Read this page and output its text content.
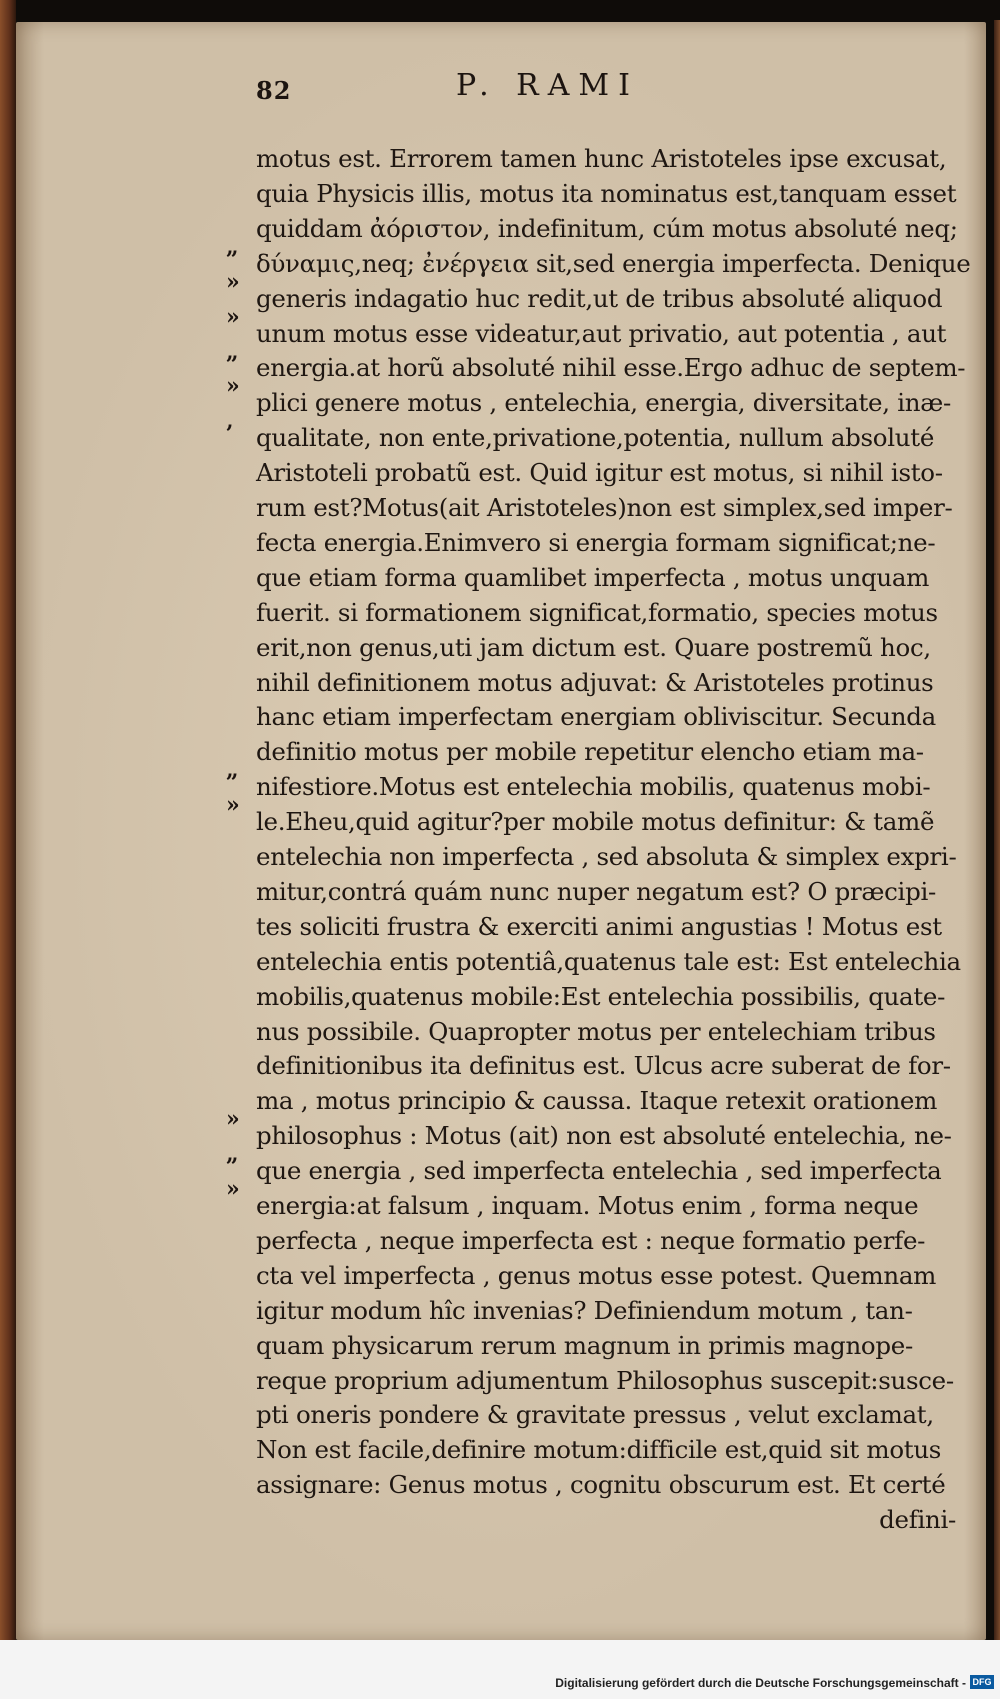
82	P. RAMI
„
»
»
„
»
‚
„
»
»
„
»
motus est. Errorem tamen hunc Aristoteles ipse excusat,
quia Physicis illis, motus ita nominatus est,tanquam esset
quiddam ἀόριστον, indefinitum, cúm motus absoluté neq;
δύναμις,neq; ἐνέργεια sit,sed energia imperfecta. Denique
generis indagatio huc redit,ut de tribus absoluté aliquod
unum motus esse videatur,aut privatio, aut potentia , aut
energia.at horũ absoluté nihil esse.Ergo adhuc de septem-
plici genere motus , entelechia, energia, diversitate, inæ-
qualitate, non ente,privatione,potentia, nullum absoluté
Aristoteli probatũ est. Quid igitur est motus, si nihil isto-
rum est?Motus(ait Aristoteles)non est simplex,sed imper-
fecta energia.Enimvero si energia formam significat;ne-
que etiam forma quamlibet imperfecta , motus unquam
fuerit. si formationem significat,formatio, species motus
erit,non genus,uti jam dictum est. Quare postremũ hoc,
nihil definitionem motus adjuvat: & Aristoteles protinus
hanc etiam imperfectam energiam obliviscitur. Secunda
definitio motus per mobile repetitur elencho etiam ma-
nifestiore.Motus est entelechia mobilis, quatenus mobi-
le.Eheu,quid agitur?per mobile motus definitur: & tamẽ
entelechia non imperfecta , sed absoluta & simplex expri-
mitur,contrá quám nunc nuper negatum est? O præcipi-
tes soliciti frustra & exerciti animi angustias ! Motus est
entelechia entis potentiâ,quatenus tale est: Est entelechia
mobilis,quatenus mobile:Est entelechia possibilis, quate-
nus possibile. Quapropter motus per entelechiam tribus
definitionibus ita definitus est. Ulcus acre suberat de for-
ma , motus principio & caussa. Itaque retexit orationem
philosophus : Motus (ait) non est absoluté entelechia, ne-
que energia , sed imperfecta entelechia , sed imperfecta
energia:at falsum , inquam. Motus enim , forma neque
perfecta , neque imperfecta est : neque formatio perfe-
cta vel imperfecta , genus motus esse potest. Quemnam
igitur modum hîc invenias? Definiendum motum , tan-
quam physicarum rerum magnum in primis magnope-
reque proprium adjumentum Philosophus suscepit:susce-
pti oneris pondere & gravitate pressus , velut exclamat,
Non est facile,definire motum:difficile est,quid sit motus
assignare: Genus motus , cognitu obscurum est. Et certé
defini-
Digitalisierung gefördert durch die Deutsche Forschungsgemeinschaft - DFG
